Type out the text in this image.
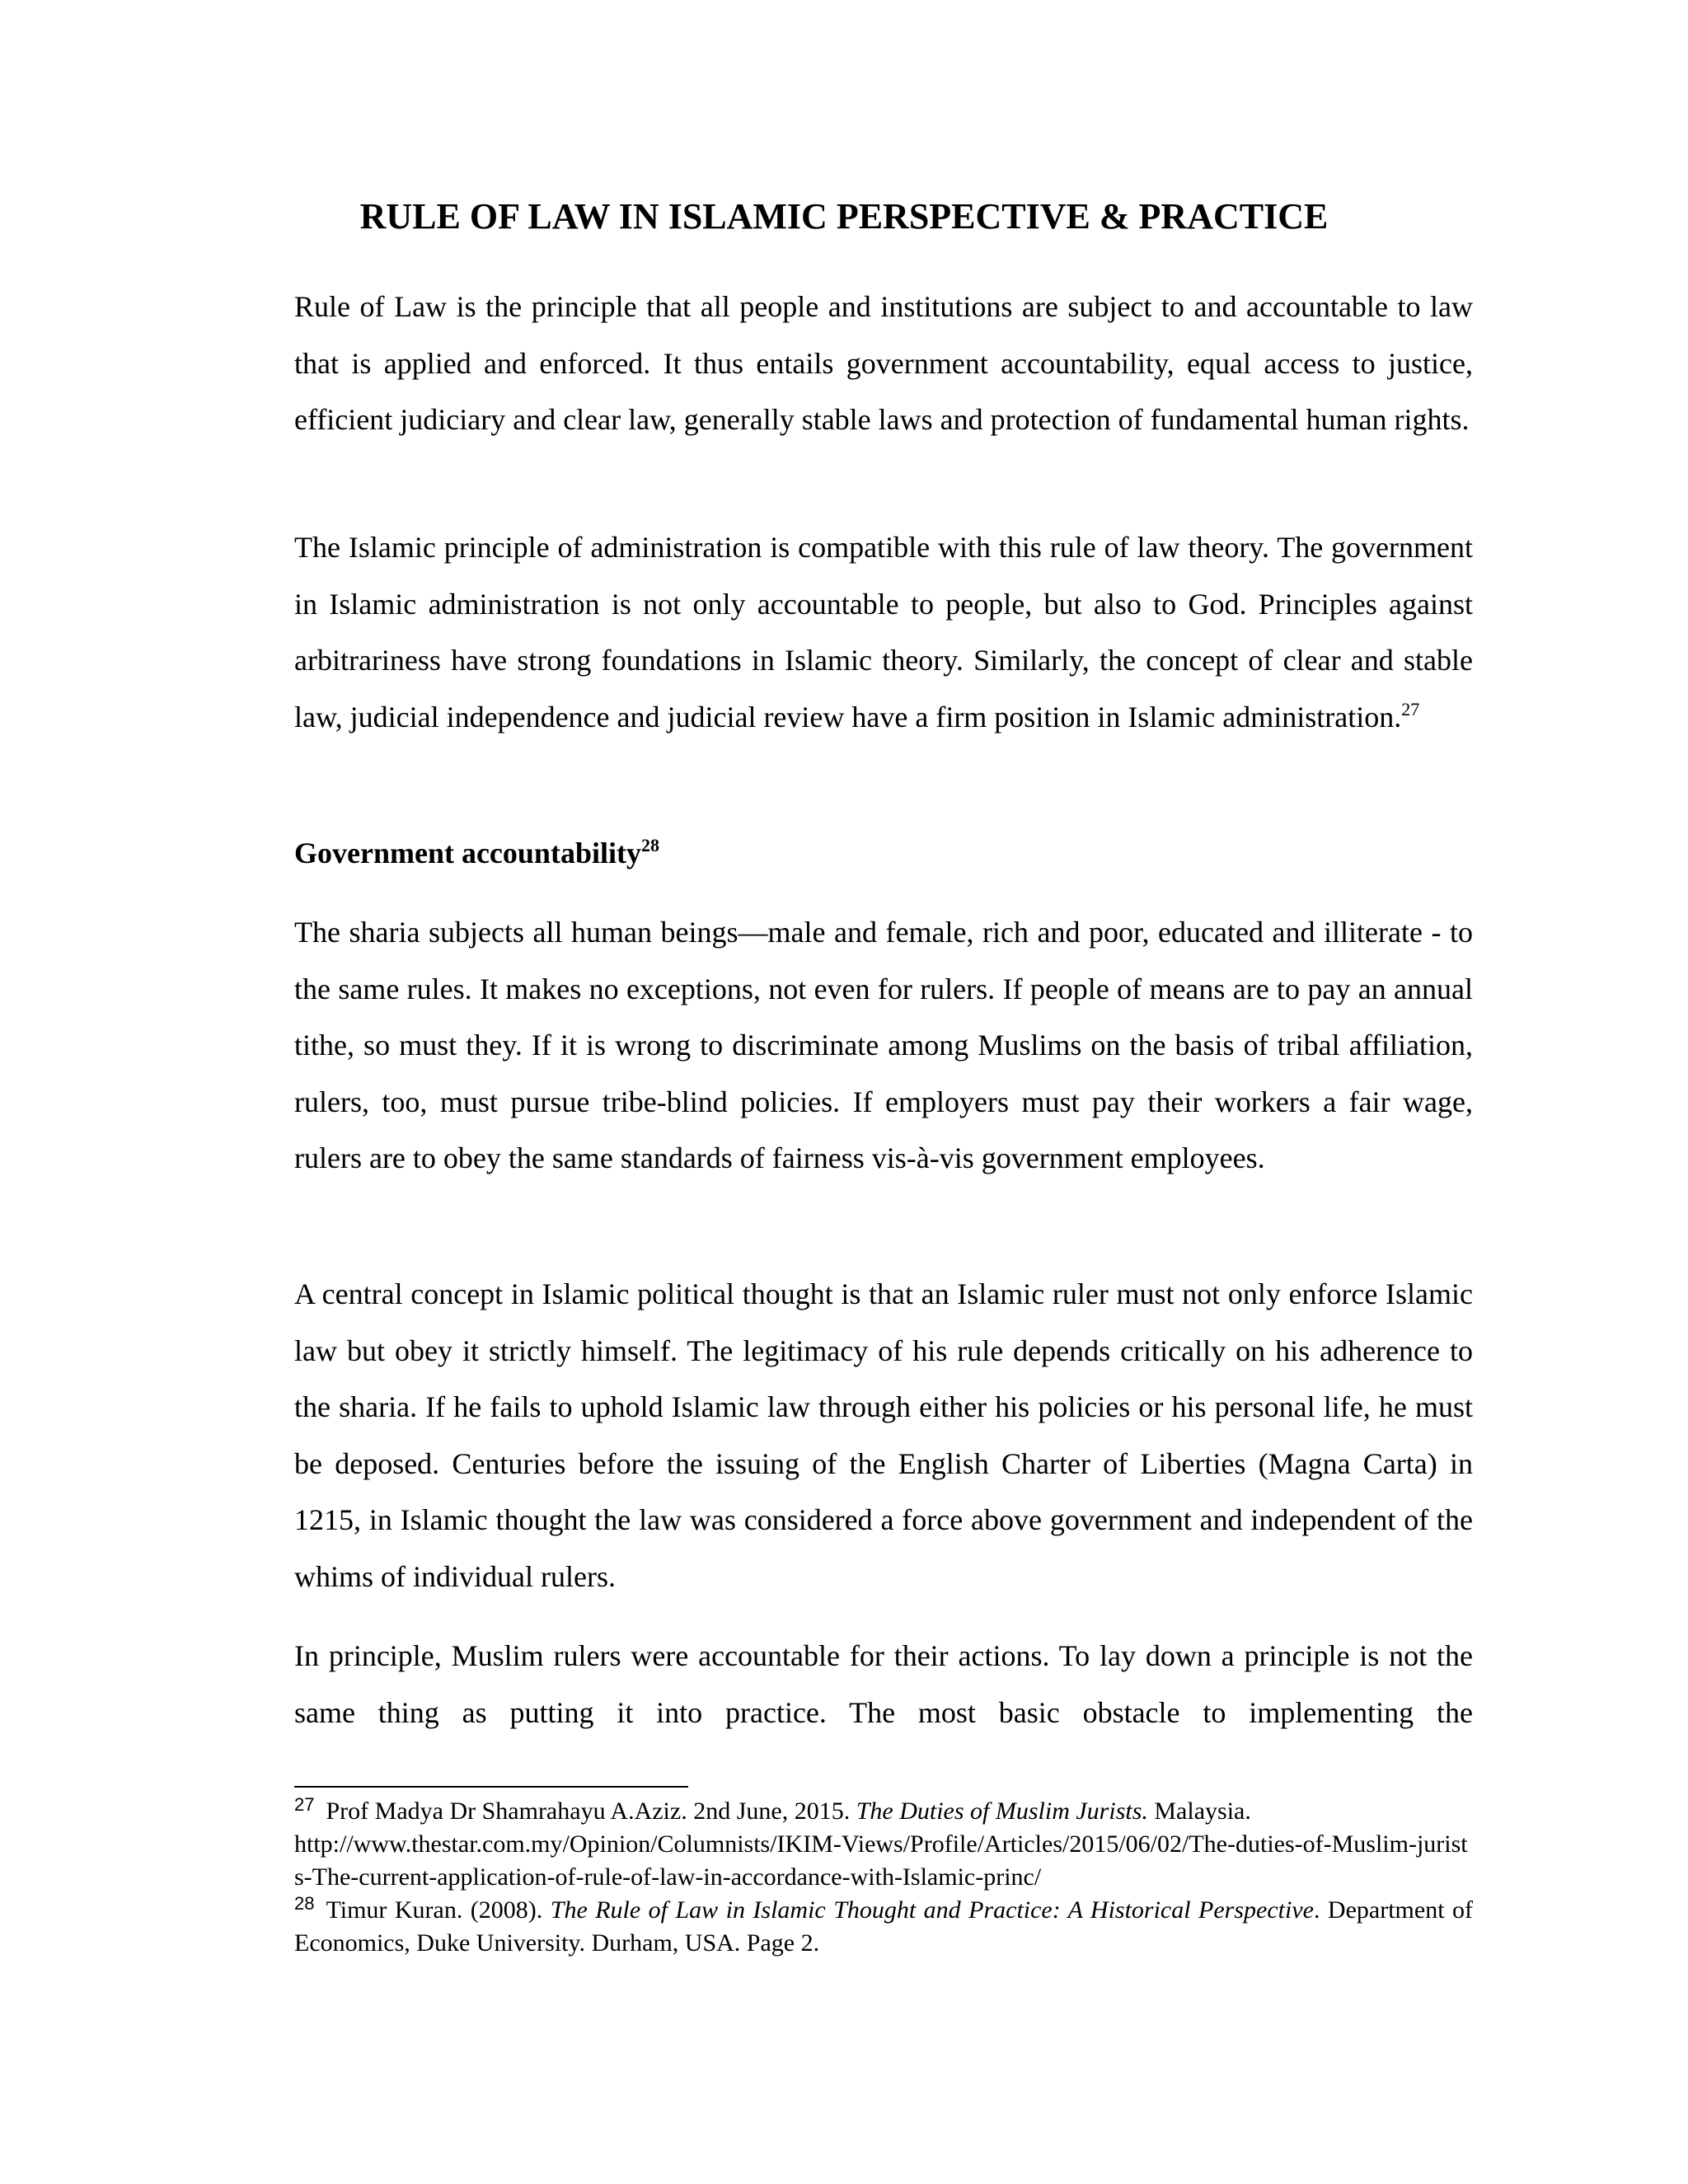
RULE OF LAW IN ISLAMIC PERSPECTIVE & PRACTICE

Rule of Law is the principle that all people and institutions are subject to and accountable to law that is applied and enforced. It thus entails government accountability, equal access to justice, efficient judiciary and clear law, generally stable laws and protection of fundamental human rights.

The Islamic principle of administration is compatible with this rule of law theory. The government in Islamic administration is not only accountable to people, but also to God. Principles against arbitrariness have strong foundations in Islamic theory. Similarly, the concept of clear and stable law, judicial independence and judicial review have a firm position in Islamic administration.$^{27}$

Government accountability$^{28}$

The sharia subjects all human beings—male and female, rich and poor, educated and illiterate - to the same rules. It makes no exceptions, not even for rulers. If people of means are to pay an annual tithe, so must they. If it is wrong to discriminate among Muslims on the basis of tribal affiliation, rulers, too, must pursue tribe-blind policies. If employers must pay their workers a fair wage, rulers are to obey the same standards of fairness vis-à-vis government employees.

A central concept in Islamic political thought is that an Islamic ruler must not only enforce Islamic law but obey it strictly himself. The legitimacy of his rule depends critically on his adherence to the sharia. If he fails to uphold Islamic law through either his policies or his personal life, he must be deposed. Centuries before the issuing of the English Charter of Liberties (Magna Carta) in 1215, in Islamic thought the law was considered a force above government and independent of the whims of individual rulers.

In principle, Muslim rulers were accountable for their actions. To lay down a principle is not the same thing as putting it into practice. The most basic obstacle to implementing the

$^{27}$ Prof Madya Dr Shamrahayu A.Aziz. 2nd June, 2015. The Duties of Muslim Jurists. Malaysia.
http://www.thestar.com.my/Opinion/Columnists/IKIM-Views/Profile/Articles/2015/06/02/The-duties-of-Muslim-jurists-The-current-application-of-rule-of-law-in-accordance-with-Islamic-princ/

$^{28}$ Timur Kuran. (2008). The Rule of Law in Islamic Thought and Practice: A Historical Perspective. Department of Economics, Duke University. Durham, USA. Page 2.
